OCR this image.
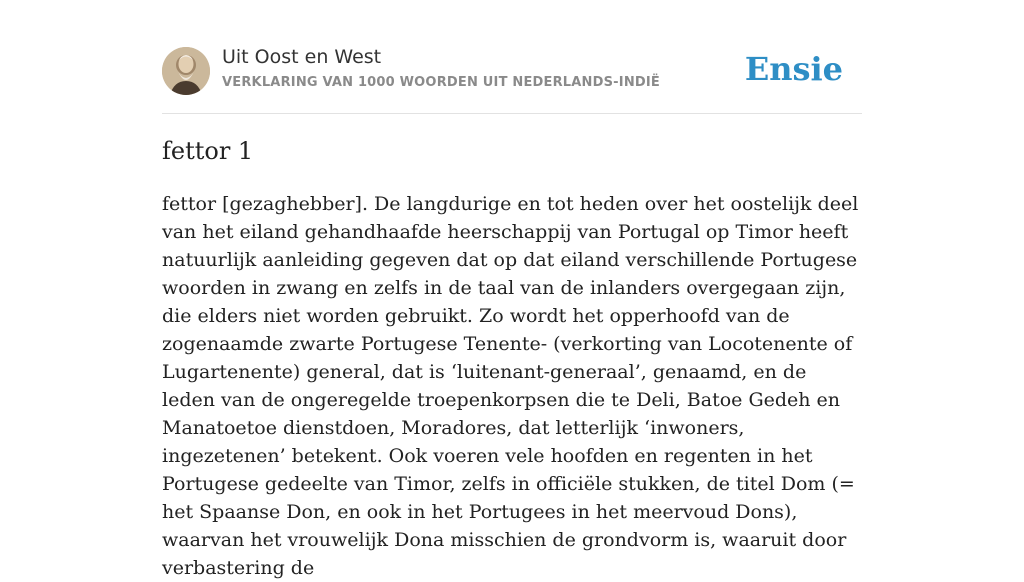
Uit Oost en West
VERKLARING VAN 1000 WOORDEN UIT NEDERLANDS-INDIË	Ensie
fettor 1

fettor [gezaghebber]. De langdurige en tot heden over het oostelijk deel van het eiland gehandhaafde heerschappij van Portugal op Timor heeft natuurlijk aanleiding gegeven dat op dat eiland verschillende Portugese woorden in zwang en zelfs in de taal van de inlanders overgegaan zijn, die elders niet worden gebruikt. Zo wordt het opperhoofd van de zogenaamde zwarte Portugese Tenente- (verkorting van Locotenente of Lugartenente) general, dat is ‘luitenant-generaal’, genaamd, en de leden van de ongeregelde troepenkorpsen die te Deli, Batoe Gedeh en Manatoetoe dienstdoen, Moradores, dat letterlijk ‘inwoners, ingezetenen’ betekent. Ook voeren vele hoofden en regenten in het Portugese gedeelte van Timor, zelfs in officiële stukken, de titel Dom (= het Spaanse Don, en ook in het Portugees in het meervoud Dons), waarvan het vrouwelijk Dona misschien de grondvorm is, waaruit door verbastering de
